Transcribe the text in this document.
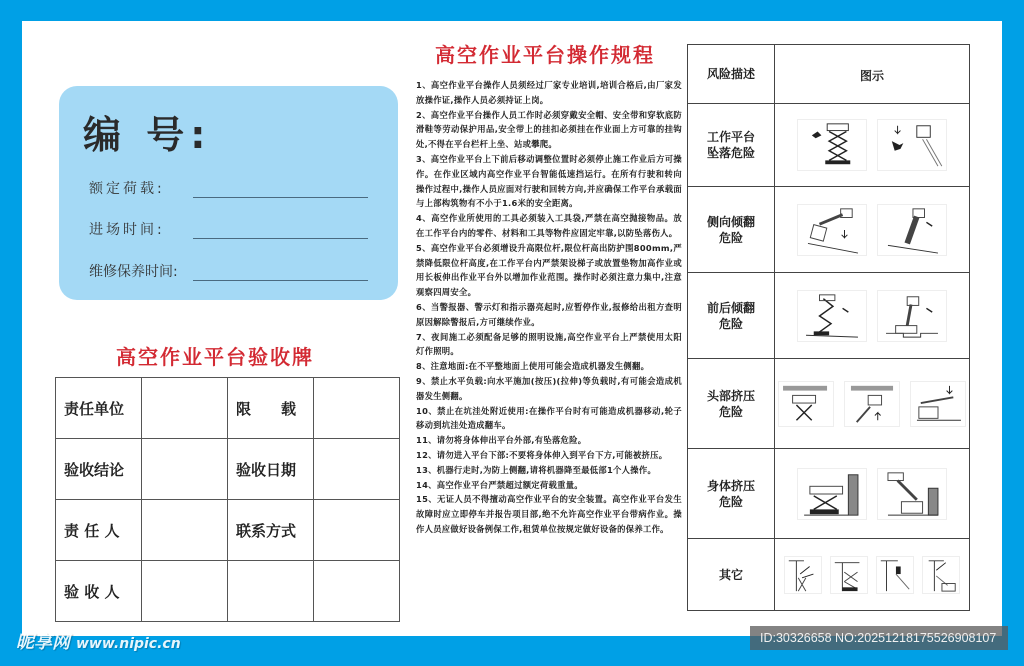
编 号:
额定荷载:
进场时间:
维修保养时间:
高空作业平台验收牌
责任单位		限　　载	
验收结论		验收日期	
责 任 人		联系方式	
验 收 人			
高空作业平台操作规程

1、高空作业平台操作人员须经过厂家专业培训,培训合格后,由厂家发放操作证,操作人员必须持证上岗。

2、高空作业平台操作人员工作时必须穿戴安全帽、安全带和穿软底防滑鞋等劳动保护用品,安全带上的挂扣必须挂在作业面上方可靠的挂钩处,不得在平台栏杆上坐、站或攀爬。

3、高空作业平台上下前后移动调整位置时必须停止施工作业后方可操作。在作业区域内高空作业平台智能低速挡运行。在所有行驶和转向操作过程中,操作人员应面对行驶和回转方向,并应确保工作平台承载面与上部构筑物有不小于1.6米的安全距离。

4、高空作业所使用的工具必须装入工具袋,严禁在高空抛接物品。放在工作平台内的零件、材料和工具等物件应固定牢靠,以防坠落伤人。

5、高空作业平台必须增设升高限位杆,限位杆高出防护围800mm,严禁降低限位杆高度,在工作平台内严禁架设梯子或放置垫物加高作业或用长板伸出作业平台外以增加作业范围。操作时必须注意力集中,注意观察四周安全。

6、当警报器、警示灯和指示器亮起时,应暂停作业,报修给出租方查明原因解除警报后,方可继续作业。

7、夜间施工必须配备足够的照明设施,高空作业平台上严禁使用太阳灯作照明。

8、注意地面:在不平整地面上使用可能会造成机器发生侧翻。

9、禁止水平负载:向水平施加(按压)(拉伸)等负载时,有可能会造成机器发生侧翻。

10、禁止在坑洼处附近使用:在操作平台时有可能造成机器移动,轮子移动到坑洼处造成翻车。

11、请勿将身体伸出平台外部,有坠落危险。

12、请勿进入平台下部:不要将身体伸入到平台下方,可能被挤压。

13、机器行走时,为防上侧翻,请将机器降至最低部1个人操作。

14、高空作业平台严禁超过额定荷载重量。

15、无证人员不得擅动高空作业平台的安全装置。高空作业平台发生故障时应立即停车并报告项目部,绝不允许高空作业平台带病作业。操作人员应做好设备例保工作,租赁单位按规定做好设备的保养工作。

风险描述	图示

工作平台
坠落危险

侧向倾翻
危险

前后倾翻
危险

头部挤压
危险

身体挤压
危险

其它

昵享网 www.nipic.cn	ID:30326658 NO:20251218175526908107
